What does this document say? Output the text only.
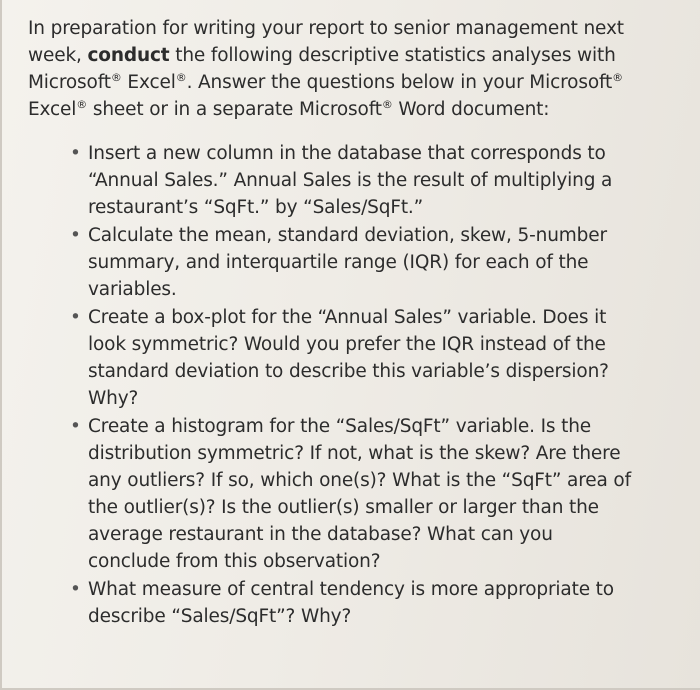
In preparation for writing your report to senior management next week, conduct the following descriptive statistics analyses with Microsoft® Excel®. Answer the questions below in your Microsoft® Excel® sheet or in a separate Microsoft® Word document:

• Insert a new column in the database that corresponds to “Annual Sales.” Annual Sales is the result of multiplying a restaurant’s “SqFt.” by “Sales/SqFt.”
• Calculate the mean, standard deviation, skew, 5-number summary, and interquartile range (IQR) for each of the variables.
• Create a box-plot for the “Annual Sales” variable. Does it look symmetric? Would you prefer the IQR instead of the standard deviation to describe this variable’s dispersion? Why?
• Create a histogram for the “Sales/SqFt” variable. Is the distribution symmetric? If not, what is the skew? Are there any outliers? If so, which one(s)? What is the “SqFt” area of the outlier(s)? Is the outlier(s) smaller or larger than the average restaurant in the database? What can you conclude from this observation?
• What measure of central tendency is more appropriate to describe “Sales/SqFt”? Why?
